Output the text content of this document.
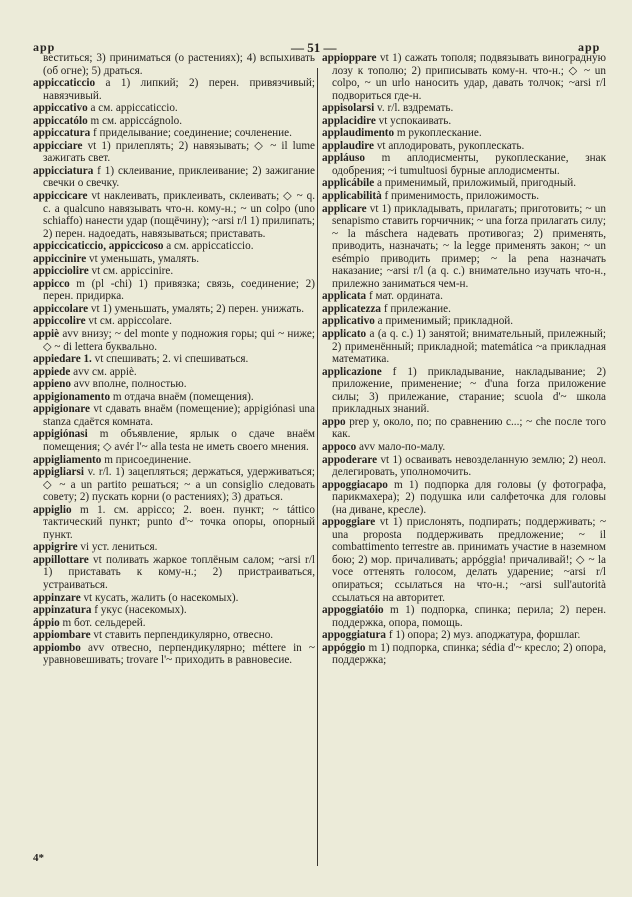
app	— 51 —	app

веститься; 3) приниматься (о растениях); 4) вспыхивать (об огне); 5) драться.

appiccaticcio a 1) липкий; 2) перен. привязчивый; навязчивый.

appiccativo a см. appiccaticcio.

appiccatólo m см. appiccágnolo.

appiccatura f приделывание; соединение; сочленение.

appicciare vt 1) прилеплять; 2) навязывать; ◇ ~ il lume зажигать свет.

appicciatura f 1) склеивание, приклеивание; 2) зажигание свечки о свечку.

appiccicare vt наклеивать, приклеивать, склеивать; ◇ ~ q. c. a qualcuno навязывать что-н. кому-н.; ~ un colpo (uno schiaffo) нанести удар (пощёчину); ~arsi r/l 1) прилипать; 2) перен. надоедать, навязываться; приставать.

appiccicaticcio, appiccicoso a см. appiccaticcio.

appiccinire vt уменьшать, умалять.

appicciolire vt см. appiccinire.

appicco m (pl -chi) 1) привязка; связь, соединение; 2) перен. придирка.

appiccolare vt 1) уменьшать, умалять; 2) перен. унижать.

appiccolire vt см. appiccolare.

appiè avv внизу; ~ del monte у подножия горы; qui ~ ниже; ◇ ~ di lettera буквально.

appiedare 1. vt спешивать; 2. vi спешиваться.

appiede avv см. appiè.

appieno avv вполне, полностью.

appigionamento m отдача внаём (помещения).

appigionare vt сдавать внаём (помещение); appigiónasi una stanza сдаётся комната.

appigiónasi m объявление, ярлык о сдаче внаём помещения; ◇ avér l'~ alla testa не иметь своего мнения.

appigliamento m присоединение.

appigliarsi v. r/l. 1) зацепляться; держаться, удерживаться; ◇ ~ a un partito решаться; ~ a un consiglio следовать совету; 2) пускать корни (о растениях); 3) драться.

appiglio m 1. см. appicco; 2. воен. пункт; ~ táttico тактический пункт; punto d'~ точка опоры, опорный пункт.

appigrire vi уст. лениться.

appillottare vt поливать жаркое топлёным салом; ~arsi r/l 1) приставать к кому-н.; 2) пристраиваться, устраиваться.

appinzare vt кусать, жалить (о насекомых).

appinzatura f укус (насекомых).

áppio m бот. сельдерей.

appiombare vt ставить перпендикулярно, отвесно.

appiombo avv отвесно, перпендикулярно; méttere in ~ уравновешивать; trovare l'~ приходить в равновесие.

appioppare vt 1) сажать тополя; подвязывать виноградную лозу к тополю; 2) приписывать кому-н. что-н.; ◇ ~ un colpo, ~ un urlo наносить удар, давать толчок; ~arsi r/l подвориться где-н.

appisolarsi v. r/l. вздремать.

applacidire vt успокаивать.

applaudimento m рукоплескание.

applaudire vt аплодировать, рукоплескать.

appláuso m аплодисменты, рукоплескание, знак одобрения; ~i tumultuosi бурные аплодисменты.

applicábile a применимый, приложимый, пригодный.

applicabilità f применимость, приложимость.

applicare vt 1) прикладывать, прилагать; приготовить; ~ un senapismo ставить горчичник; ~ una forza прилагать силу; ~ la máschera надевать противогаз; 2) применять, приводить, назначать; ~ la legge применять закон; ~ un esémpio приводить пример; ~ la pena назначать наказание; ~arsi r/l (a q. c.) внимательно изучать что-н., прилежно заниматься чем-н.

applicata f мат. ордината.

applicatezza f прилежание.

applicativo a применимый; прикладной.

applicato a (a q. c.) 1) занятой; внимательный, прилежный; 2) применённый; прикладной; matemática ~a прикладная математика.

applicazione f 1) прикладывание, накладывание; 2) приложение, применение; ~ d'una forza приложение силы; 3) прилежание, старание; scuola d'~ школа прикладных знаний.

appo prep у, около, по; по сравнению с...; ~ che после того как.

appoco avv мало-по-малу.

appoderare vt 1) осваивать невозделанную землю; 2) неол. делегировать, уполномочить.

appoggiacapo m 1) подпорка для головы (у фотографа, парикмахера); 2) подушка или салфеточка для головы (на диване, кресле).

appoggiare vt 1) прислонять, подпирать; поддерживать; ~ una proposta поддерживать предложение; ~ il combattimento terrestre ав. принимать участие в наземном бою; 2) мор. причаливать; appóggia! причаливай!; ◇ ~ la voce оттенять голосом, делать ударение; ~arsi r/l опираться; ссылаться на что-н.; ~arsi sull'autorità ссылаться на авторитет.

appoggiatóio m 1) подпорка, спинка; перила; 2) перен. поддержка, опора, помощь.

appoggiatura f 1) опора; 2) муз. аподжатура, форшлаг.

appóggio m 1) подпорка, спинка; sédia d'~ кресло; 2) опора, поддержка;

4*
